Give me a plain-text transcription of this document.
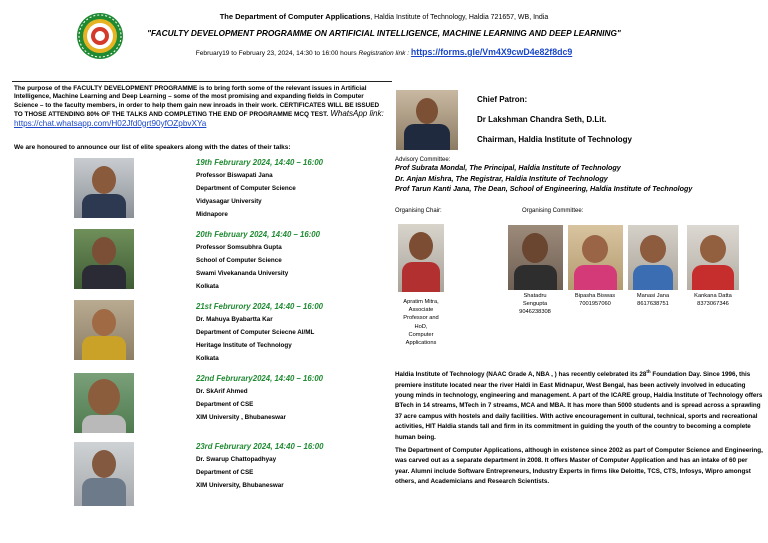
The Department of Computer Applications, Haldia Institute of Technology, Haldia 721657, WB, India
"FACULTY DEVELOPMENT PROGRAMME ON ARTIFICIAL INTELLIGENCE, MACHINE LEARNING AND DEEP LEARNING"
February19 to February 23, 2024, 14:30 to 16:00 hours Registration link : https://forms.gle/Vm4X9cwD4e82f8dc9
The purpose of the FACULTY DEVELOPMENT PROGRAMME is to bring forth some of the relevant issues in Artificial Intelligence, Machine Learning and Deep Learning – some of the most promising and expanding fields in Computer Science – to the faculty members, in order to help them gain new inroads in their work. CERTIFICATES WILL BE ISSUED TO THOSE ATTENDING 80% OF THE TALKS AND COMPLETING THE END OF PROGRAMME MCQ TEST. WhatsApp link: https://chat.whatsapp.com/H02Jfd0grt90yfOZpbvXYa
We are honoured to announce our list of elite speakers along with the dates of their talks:
19th Februrary 2024, 14:40 – 16:00
Professor Biswapati Jana
Department of Computer Science
Vidyasagar University
Midnapore
20th February 2024, 14:40 – 16:00
Professor Somsubhra Gupta
School of Computer Science
Swami Vivekananda University
Kolkata
21st Februrory 2024, 14:40 – 16:00
Dr. Mahuya Byabartta Kar
Department of Computer Sciecne AI/ML
Heritage Institute of Technology
Kolkata
22nd Februrary2024, 14:40 – 16:00
Dr. SkArif Ahmed
Department of CSE
XIM University , Bhubaneswar
23rd Februrary 2024, 14:40 – 16:00
Dr. Swarup Chattopadhyay
Department of CSE
XIM University, Bhubaneswar
Chief Patron:
Dr Lakshman Chandra Seth, D.Lit.
Chairman, Haldia Institute of Technology
Advisory Committee:
Prof Subrata Mondal, The Principal, Haldia Institute of Technology
Dr. Anjan Mishra, The Registrar, Haldia Institute of Technology
Prof Tarun Kanti Jana, The Dean, School of Engineering, Haldia Institute of Technology
Organising Chair:	Organising Committee:
Apratim Mitra,
Associate
Professor and
HoD,
Computer
Applications
Shatadru
Sengupta
9046238308
Bipasha Biswas
7001957060
Manasi Jana
8617638751
Kankana Datta
8373067346
Haldia Institute of Technology (NAAC Grade A, NBA , ) has recently celebrated its 28th Foundation Day. Since 1996, this premiere institute located near the river Haldi in East Midnapur, West Bengal, has been actively involved in educating young minds in technology, engineering and management. A part of the ICARE group, Haldia Institute of Technology offers BTech in 14 streams, MTech in 7 streams, MCA and MBA. It has more than 5000 students and is spread across a sprawling 37 acre campus with hostels and daily facilities. With active encouragement in cultural, technical, sports and recreational activities, HIT Haldia stands tall and firm in its commitment in guiding the youth of the country to becoming a complete human being.
The Department of Computer Applications, although in existence since 2002 as part of Computer Science and Engineering, was carved out as a separate department in 2008. It offers Master of Computer Application and has an intake of 60 per year. Alumni include Software Entrepreneurs, Industry Experts in firms like Deloitte, TCS, CTS, Infosys, Wipro amongst others, and Academicians and Research Scientists.
